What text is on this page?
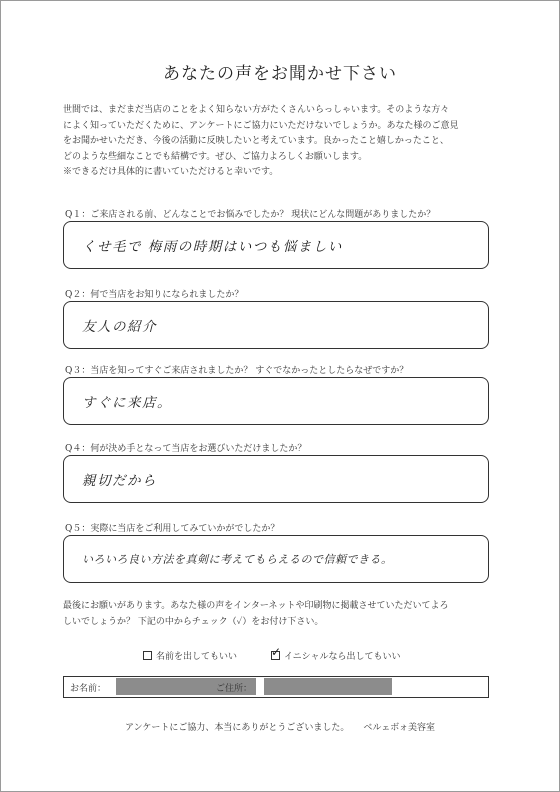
あなたの声をお聞かせ下さい
世間では、まだまだ当店のことをよく知らない方がたくさんいらっしゃいます。そのような方々
によく知っていただくために、アンケートにご協力にいただけないでしょうか。あなた様のご意見
をお聞かせいただき、今後の活動に反映したいと考えています。良かったこと嬉しかったこと、
どのような些細なことでも結構です。ぜひ、ご協力よろしくお願いします。
※できるだけ具体的に書いていただけると幸いです。
Q１：ご来店される前、どんなことでお悩みでしたか？ 現状にどんな問題がありましたか？
くせ毛で 梅雨の時期はいつも悩ましい
Q２：何で当店をお知りになられましたか？
友人の紹介
Q３：当店を知ってすぐご来店されましたか？ すぐでなかったとしたらなぜですか？
すぐに来店。
Q４：何が決め手となって当店をお選びいただけましたか？
親切だから
Q５：実際に当店をご利用してみていかがでしたか？
いろいろ良い方法を真剣に考えてもらえるので信頼できる。
最後にお願いがあります。あなた様の声をインターネットや印刷物に掲載させていただいてよろ
しいでしょうか？ 下記の中からチェック（✓）をお付け下さい。
名前を出してもいい	✓ イニシャルなら出してもいい
お名前：	ご住所：
アンケートにご協力、本当にありがとうございました。 ベルェボォ美容室
